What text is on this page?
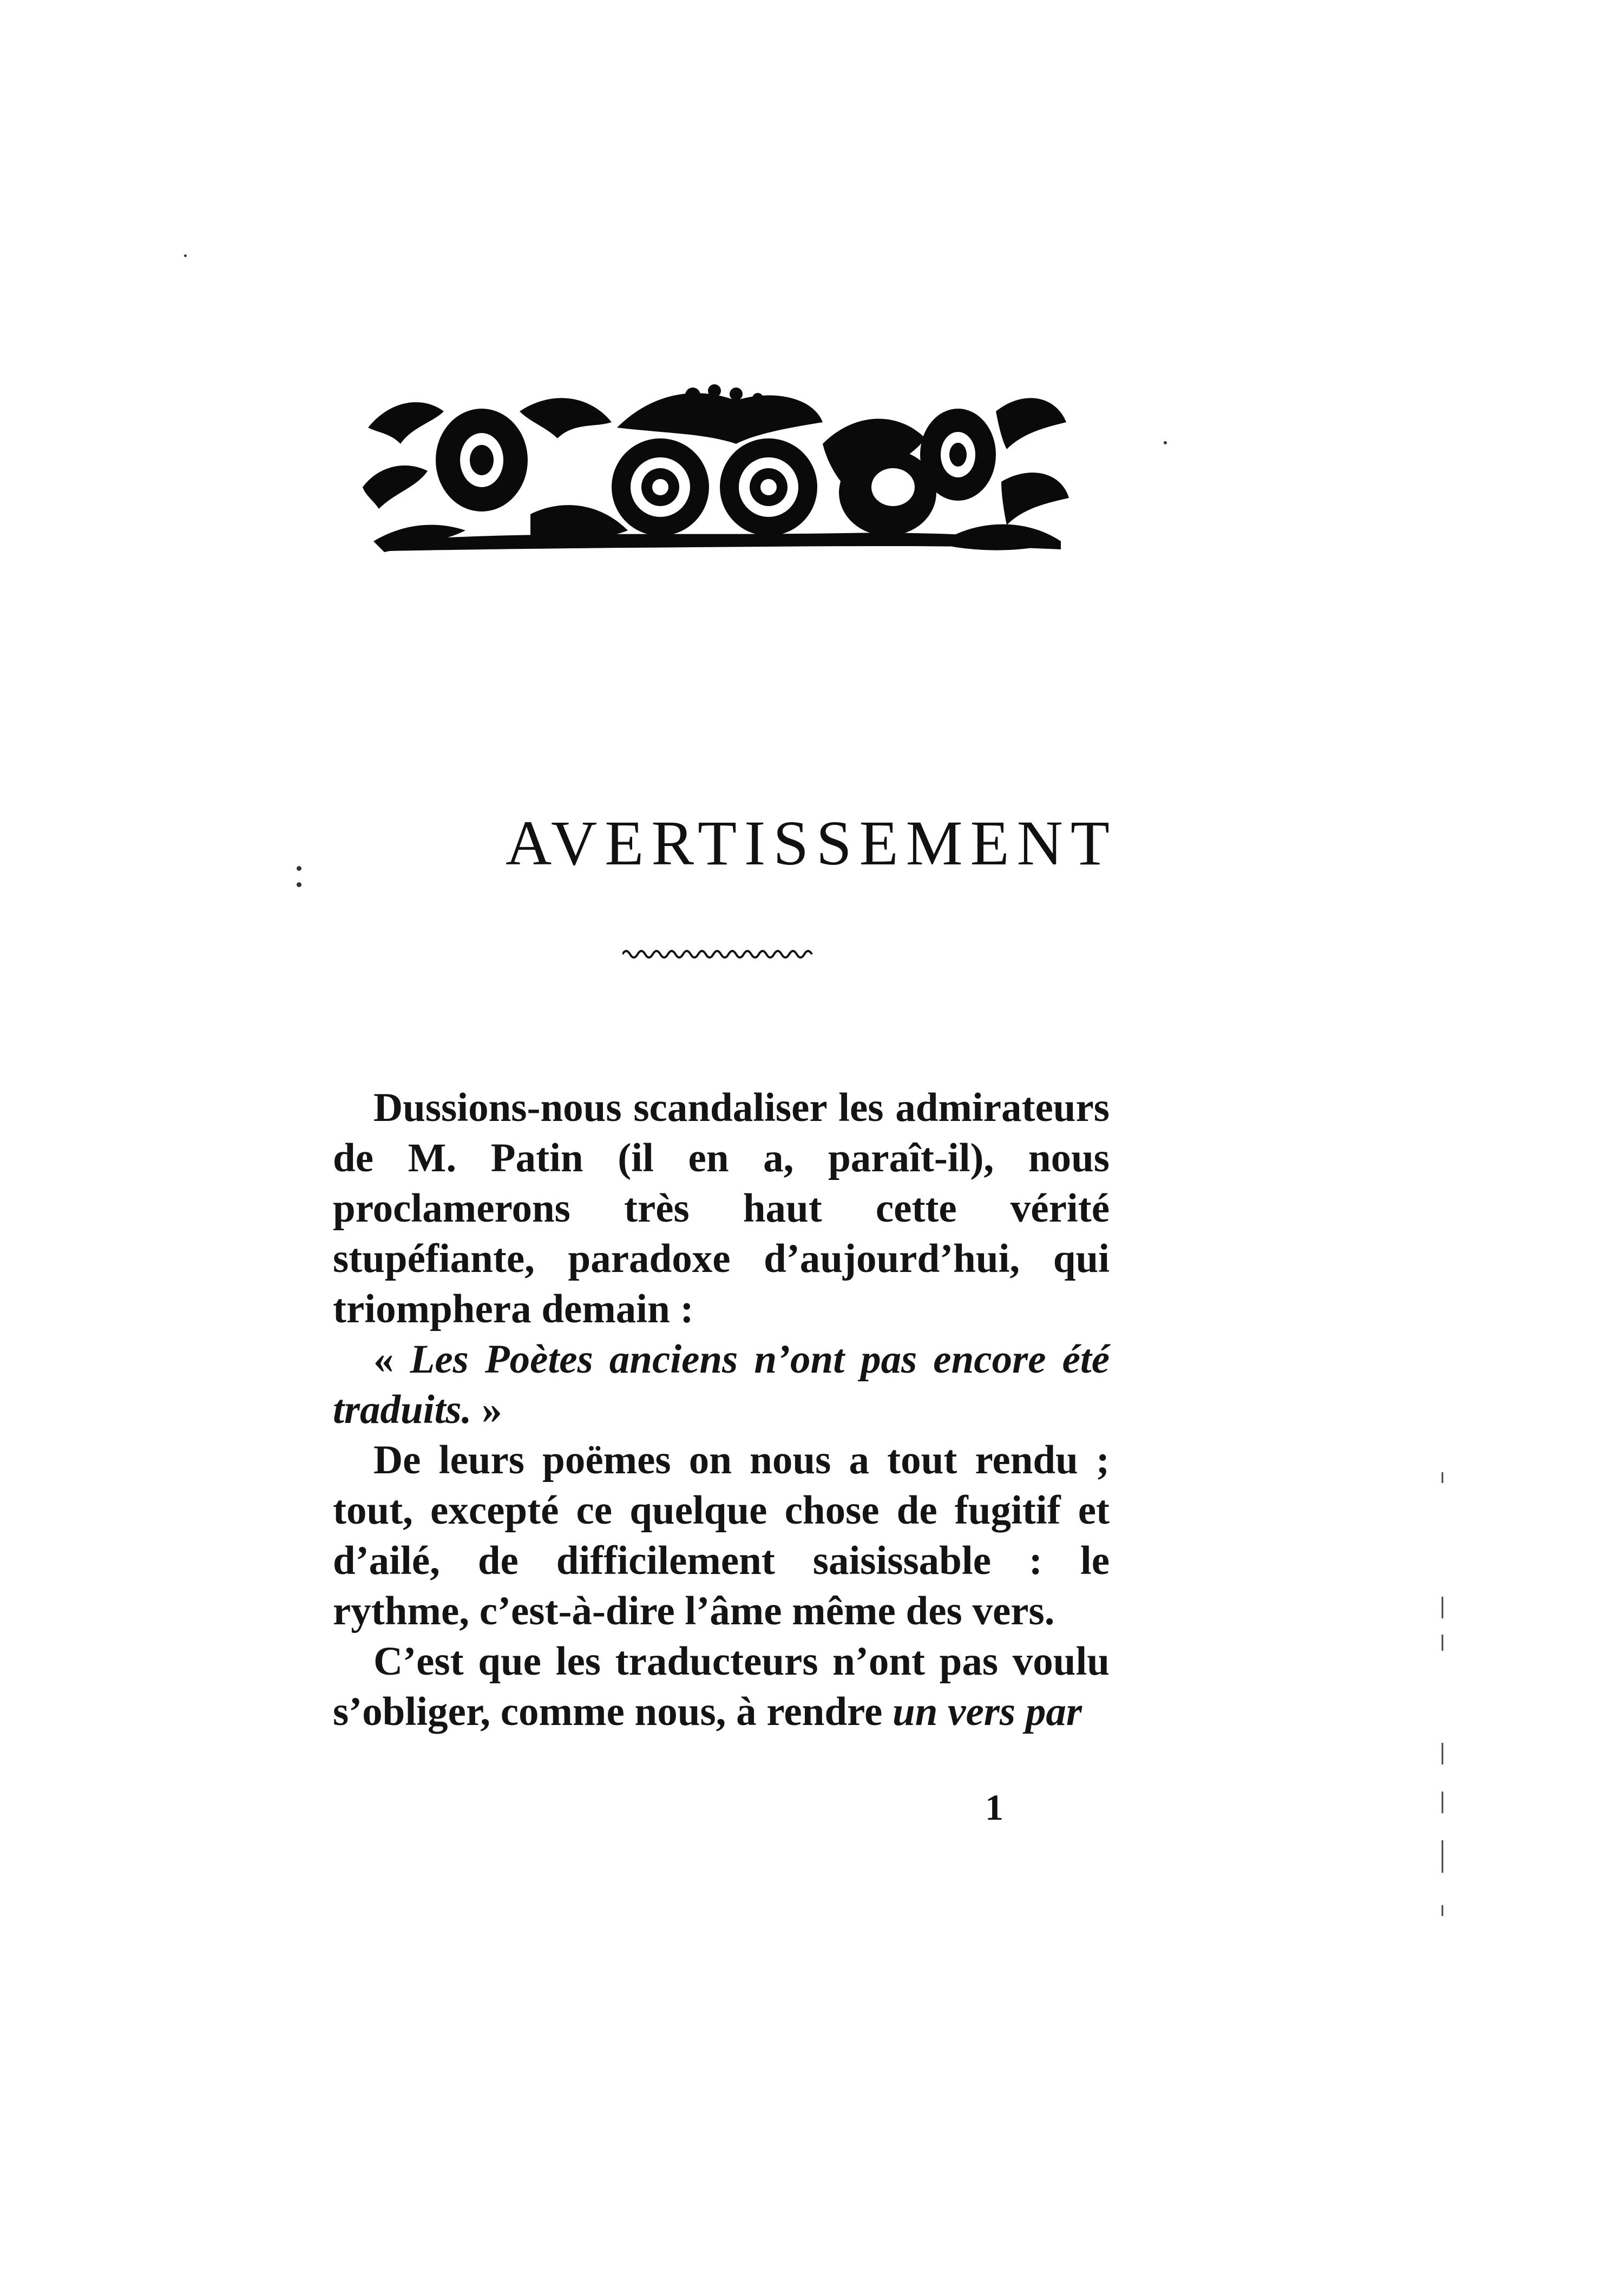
AVERTISSEMENT

Dussions-nous scandaliser les admirateurs de M. Patin (il en a, paraît-il), nous proclamerons très haut cette vérité stupéfiante, paradoxe d’aujourd’hui, qui triomphera demain :

« Les Poètes anciens n’ont pas encore été traduits. »

De leurs poëmes on nous a tout rendu ; tout, excepté ce quelque chose de fugitif et d’ailé, de difficilement saisissable : le rythme, c’est-à-dire l’âme même des vers.

C’est que les traducteurs n’ont pas voulu s’obliger, comme nous, à rendre un vers par

1
